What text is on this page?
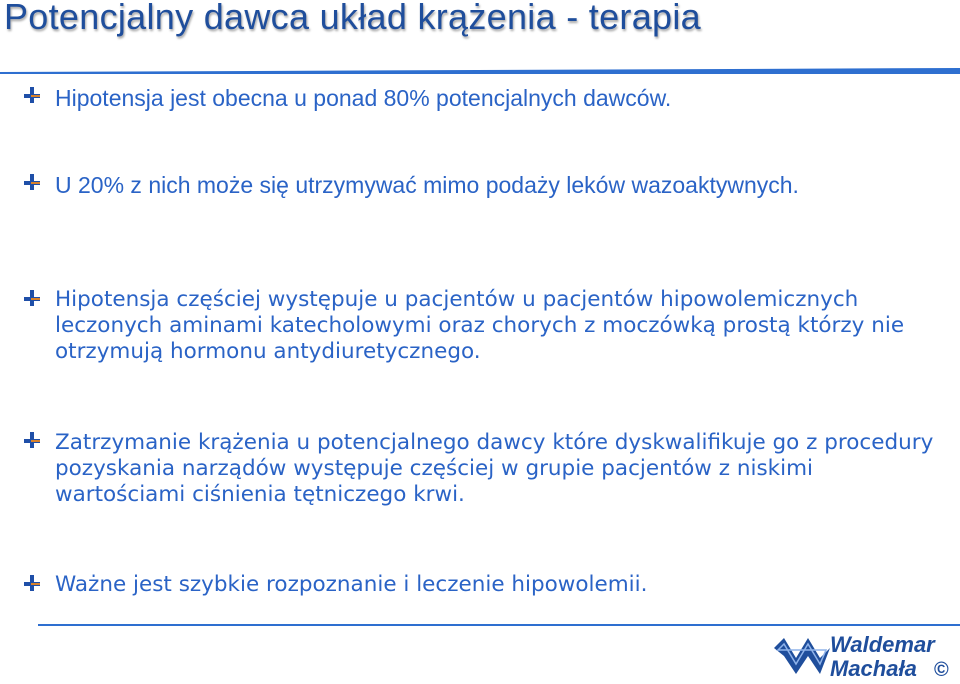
Potencjalny dawca układ krążenia - terapia

Hipotensja jest obecna u ponad 80% potencjalnych dawców.

U 20% z nich może się utrzymywać mimo podaży leków wazoaktywnych.

Hipotensja częściej występuje u pacjentów u pacjentów hipowolemicznych leczonych aminami katecholowymi oraz chorych z moczówką prostą którzy nie otrzymują hormonu antydiuretycznego.

Zatrzymanie krążenia u potencjalnego dawcy które dyskwalifikuje go z procedury pozyskania narządów występuje częściej w grupie pacjentów z niskimi wartościami ciśnienia tętniczego krwi.

Ważne jest szybkie rozpoznanie i leczenie hipowolemii.

Waldemar
Machała ©
